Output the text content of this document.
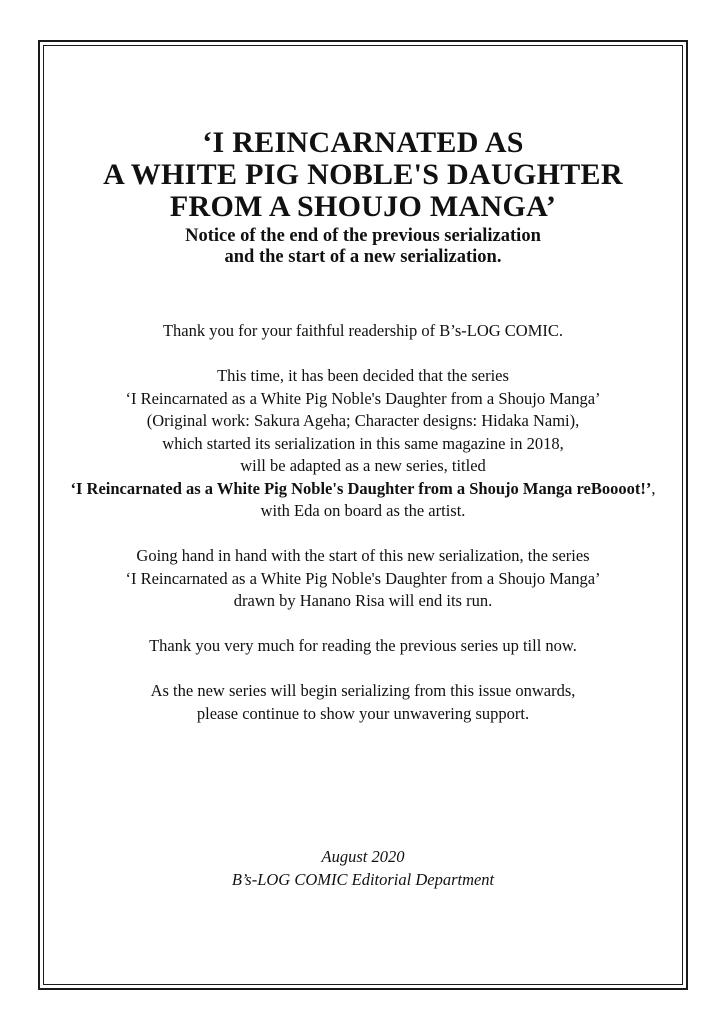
‘I REINCARNATED AS
A WHITE PIG NOBLE'S DAUGHTER
FROM A SHOUJO MANGA’
Notice of the end of the previous serialization
and the start of a new serialization.
Thank you for your faithful readership of B’s-LOG COMIC.
This time, it has been decided that the series
‘I Reincarnated as a White Pig Noble's Daughter from a Shoujo Manga’
(Original work: Sakura Ageha; Character designs: Hidaka Nami),
which started its serialization in this same magazine in 2018,
will be adapted as a new series, titled
‘I Reincarnated as a White Pig Noble's Daughter from a Shoujo Manga reBoooot!’,
with Eda on board as the artist.
Going hand in hand with the start of this new serialization, the series
‘I Reincarnated as a White Pig Noble's Daughter from a Shoujo Manga’
drawn by Hanano Risa will end its run.
Thank you very much for reading the previous series up till now.
As the new series will begin serializing from this issue onwards,
please continue to show your unwavering support.
August 2020
B’s-LOG COMIC Editorial Department
